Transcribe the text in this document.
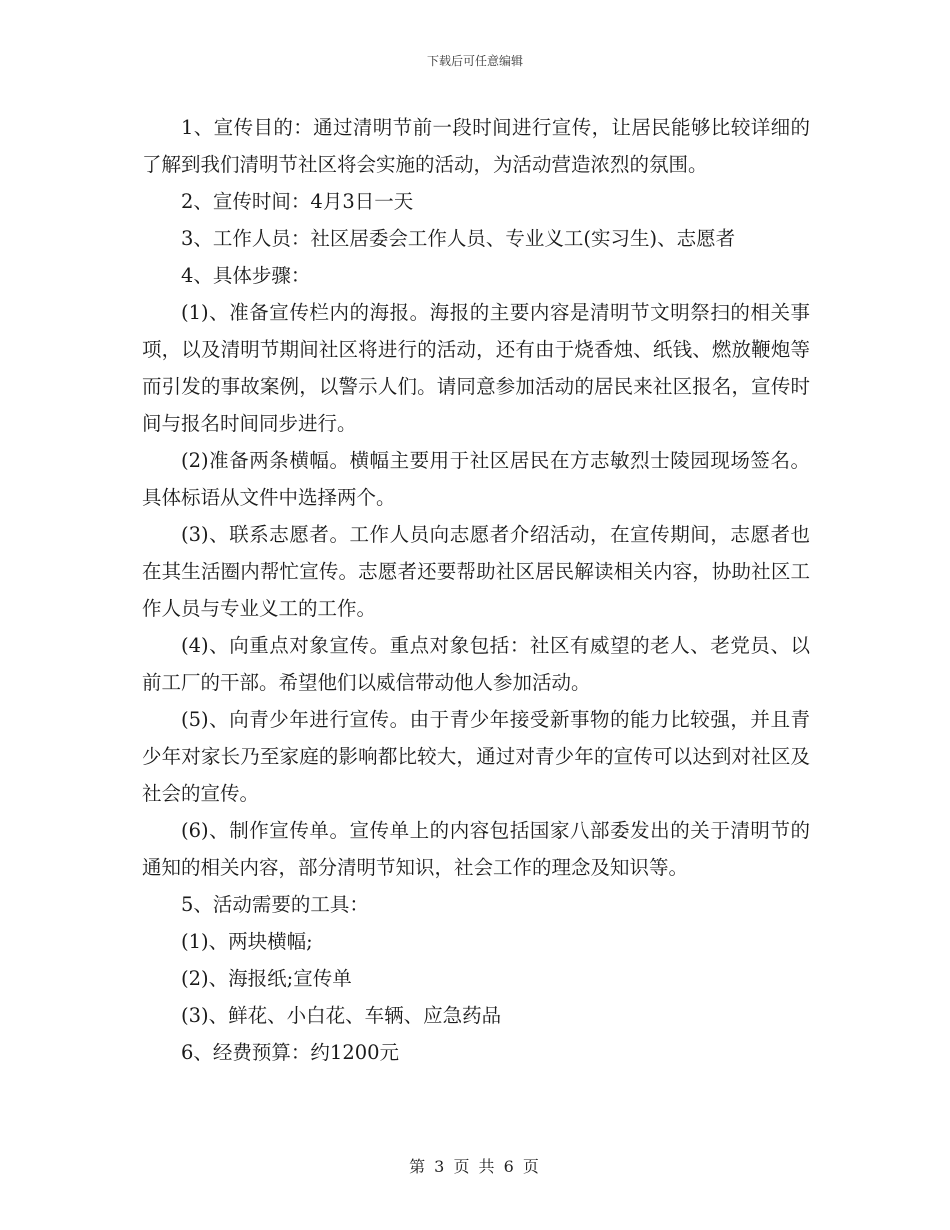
下载后可任意编辑

1、宣传目的：通过清明节前一段时间进行宣传，让居民能够比较详细的了解到我们清明节社区将会实施的活动，为活动营造浓烈的氛围。

2、宣传时间：4月3日一天

3、工作人员：社区居委会工作人员、专业义工(实习生)、志愿者

4、具体步骤：

(1)、准备宣传栏内的海报。海报的主要内容是清明节文明祭扫的相关事项，以及清明节期间社区将进行的活动，还有由于烧香烛、纸钱、燃放鞭炮等而引发的事故案例，以警示人们。请同意参加活动的居民来社区报名，宣传时间与报名时间同步进行。

(2)准备两条横幅。横幅主要用于社区居民在方志敏烈士陵园现场签名。具体标语从文件中选择两个。

(3)、联系志愿者。工作人员向志愿者介绍活动，在宣传期间，志愿者也在其生活圈内帮忙宣传。志愿者还要帮助社区居民解读相关内容，协助社区工作人员与专业义工的工作。

(4)、向重点对象宣传。重点对象包括：社区有威望的老人、老党员、以前工厂的干部。希望他们以威信带动他人参加活动。

(5)、向青少年进行宣传。由于青少年接受新事物的能力比较强，并且青少年对家长乃至家庭的影响都比较大，通过对青少年的宣传可以达到对社区及社会的宣传。

(6)、制作宣传单。宣传单上的内容包括国家八部委发出的关于清明节的通知的相关内容，部分清明节知识，社会工作的理念及知识等。

5、活动需要的工具：

(1)、两块横幅;

(2)、海报纸;宣传单

(3)、鲜花、小白花、车辆、应急药品

6、经费预算：约1200元

第 3 页 共 6 页
